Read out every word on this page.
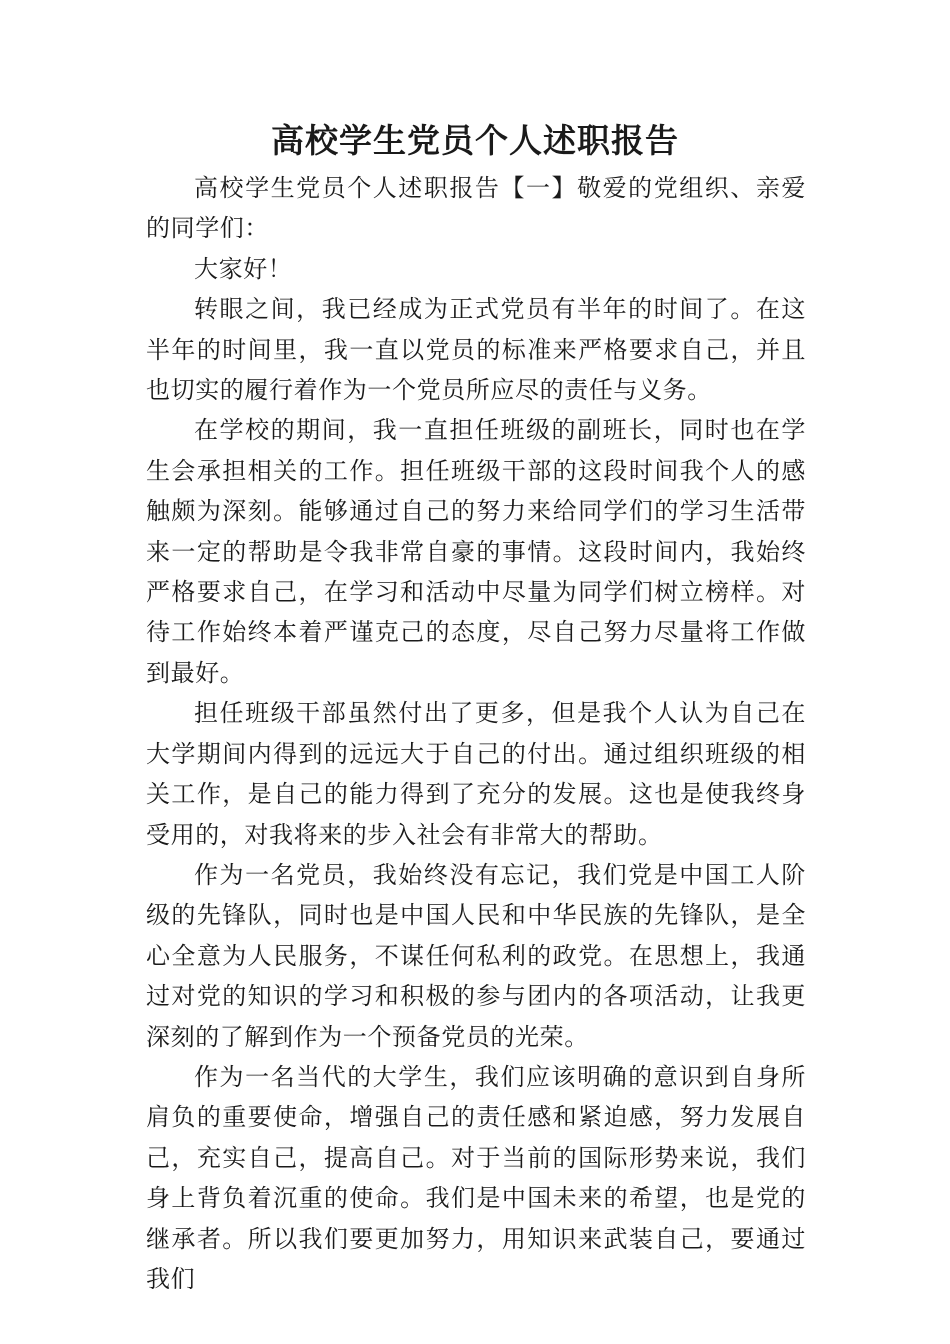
高校学生党员个人述职报告

高校学生党员个人述职报告【一】敬爱的党组织、亲爱的同学们：

大家好！

转眼之间，我已经成为正式党员有半年的时间了。在这半年的时间里，我一直以党员的标准来严格要求自己，并且也切实的履行着作为一个党员所应尽的责任与义务。

在学校的期间，我一直担任班级的副班长，同时也在学生会承担相关的工作。担任班级干部的这段时间我个人的感触颇为深刻。能够通过自己的努力来给同学们的学习生活带来一定的帮助是令我非常自豪的事情。这段时间内，我始终严格要求自己，在学习和活动中尽量为同学们树立榜样。对待工作始终本着严谨克己的态度，尽自己努力尽量将工作做到最好。

担任班级干部虽然付出了更多，但是我个人认为自己在大学期间内得到的远远大于自己的付出。通过组织班级的相关工作，是自己的能力得到了充分的发展。这也是使我终身受用的，对我将来的步入社会有非常大的帮助。

作为一名党员，我始终没有忘记，我们党是中国工人阶级的先锋队，同时也是中国人民和中华民族的先锋队，是全心全意为人民服务，不谋任何私利的政党。在思想上，我通过对党的知识的学习和积极的参与团内的各项活动，让我更深刻的了解到作为一个预备党员的光荣。

作为一名当代的大学生，我们应该明确的意识到自身所肩负的重要使命，增强自己的责任感和紧迫感，努力发展自己，充实自己，提高自己。对于当前的国际形势来说，我们身上背负着沉重的使命。我们是中国未来的希望，也是党的继承者。所以我们要更加努力，用知识来武装自己，要通过我们
